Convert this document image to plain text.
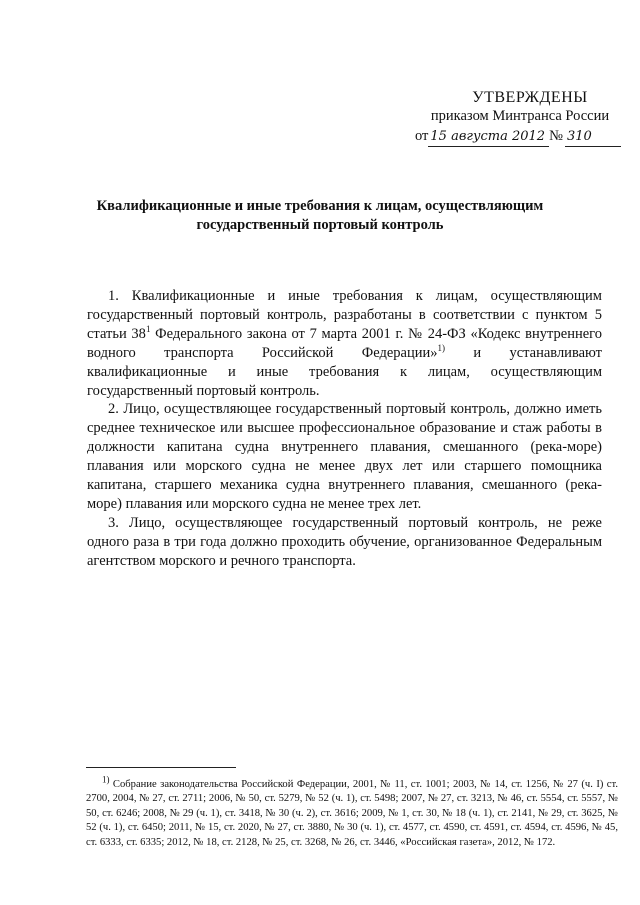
УТВЕРЖДЕНЫ
приказом Минтранса России
от 15 августа 2012 № 310
Квалификационные и иные требования к лицам, осуществляющим государственный портовый контроль

1. Квалификационные и иные требования к лицам, осуществляющим государственный портовый контроль, разработаны в соответствии с пунктом 5 статьи $38^1$ Федерального закона от 7 марта 2001 г. № 24-ФЗ «Кодекс внутреннего водного транспорта Российской Федерации»$^{1)}$ и устанавливают квалификационные и иные требования к лицам, осуществляющим государственный портовый контроль.

2. Лицо, осуществляющее государственный портовый контроль, должно иметь среднее техническое или высшее профессиональное образование и стаж работы в должности капитана судна внутреннего плавания, смешанного (река-море) плавания или морского судна не менее двух лет или старшего помощника капитана, старшего механика судна внутреннего плавания, смешанного (река-море) плавания или морского судна не менее трех лет.

3. Лицо, осуществляющее государственный портовый контроль, не реже одного раза в три года должно проходить обучение, организованное Федеральным агентством морского и речного транспорта.

$^{1)}$ Собрание законодательства Российской Федерации, 2001, № 11, ст. 1001; 2003, № 14, ст. 1256, № 27 (ч. I) ст. 2700, 2004, № 27, ст. 2711; 2006, № 50, ст. 5279, № 52 (ч. 1), ст. 5498; 2007, № 27, ст. 3213, № 46, ст. 5554, ст. 5557, № 50, ст. 6246; 2008, № 29 (ч. 1), ст. 3418, № 30 (ч. 2), ст. 3616; 2009, № 1, ст. 30, № 18 (ч. 1), ст. 2141, № 29, ст. 3625, № 52 (ч. 1), ст. 6450; 2011, № 15, ст. 2020, № 27, ст. 3880, № 30 (ч. 1), ст. 4577, ст. 4590, ст. 4591, ст. 4594, ст. 4596, № 45, ст. 6333, ст. 6335; 2012, № 18, ст. 2128, № 25, ст. 3268, № 26, ст. 3446, «Российская газета», 2012, № 172.
